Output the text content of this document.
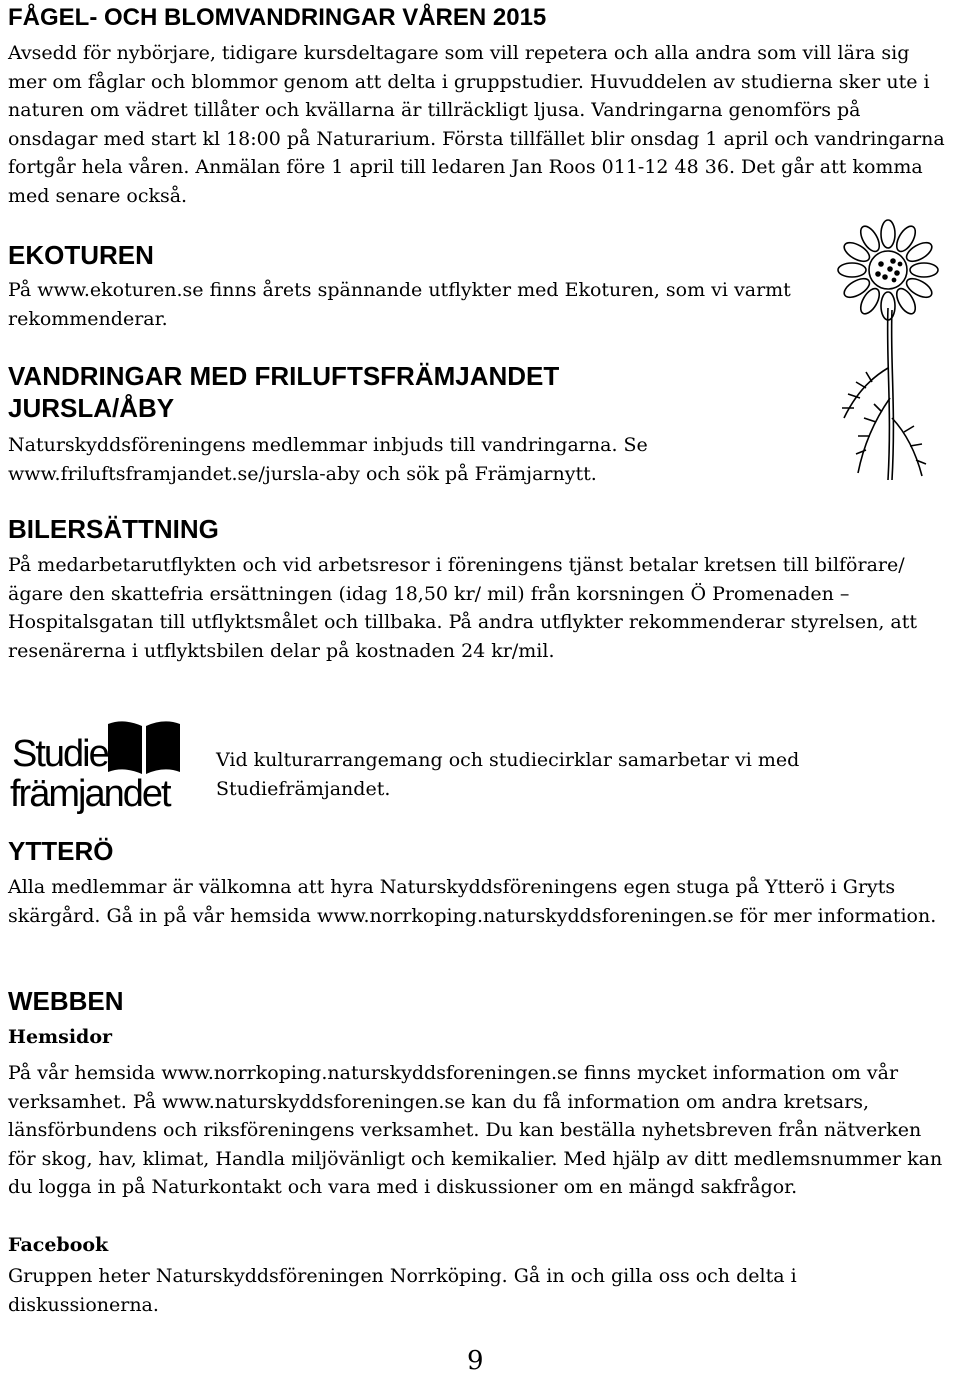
FÅGEL- OCH BLOMVANDRINGAR VÅREN 2015

Avsedd för nybörjare, tidigare kursdeltagare som vill repetera och alla andra som vill lära sig mer om fåglar och blommor genom att delta i gruppstudier. Huvuddelen av studierna sker ute i naturen om vädret tillåter och kvällarna är tillräckligt ljusa. Vandringarna genomförs på onsdagar med start kl 18:00 på Naturarium. Första tillfället blir onsdag 1 april och vandringarna fortgår hela våren. Anmälan före 1 april till ledaren Jan Roos 011-12 48 36. Det går att komma med senare också.

EKOTUREN

På www.ekoturen.se finns årets spännande utflykter med Ekoturen, som vi varmt rekommenderar.

VANDRINGAR MED FRILUFTSFRÄMJANDET
JURSLA/ÅBY

Naturskyddsföreningens medlemmar inbjuds till vandringarna. Se www.friluftsframjandet.se/jursla-aby och sök på Främjarnytt.

BILERSÄTTNING

På medarbetarutflykten och vid arbetsresor i föreningens tjänst betalar kretsen till bilförare/ägare den skattefria ersättningen (idag 18,50 kr/ mil) från korsningen Ö Promenaden – Hospitalsgatan till utflyktsmålet och tillbaka. På andra utflykter rekommenderar styrelsen, att resenärerna i utflyktsbilen delar på kostnaden 24 kr/mil.

Studie
främjandet

Vid kulturarrangemang och studiecirklar samarbetar vi med Studiefrämjandet.

YTTERÖ

Alla medlemmar är välkomna att hyra Naturskyddsföreningens egen stuga på Ytterö i Gryts skärgård. Gå in på vår hemsida www.norrkoping.naturskyddsforeningen.se för mer information.

WEBBEN

Hemsidor

På vår hemsida www.norrkoping.naturskyddsforeningen.se finns mycket information om vår verksamhet. På www.naturskyddsforeningen.se kan du få information om andra kretsars, länsförbundens och riksföreningens verksamhet. Du kan beställa nyhetsbreven från nätverken för skog, hav, klimat, Handla miljövänligt och kemikalier. Med hjälp av ditt medlemsnummer kan du logga in på Naturkontakt och vara med i diskussioner om en mängd sakfrågor.

Facebook

Gruppen heter Naturskyddsföreningen Norrköping. Gå in och gilla oss och delta i diskussionerna.

9
